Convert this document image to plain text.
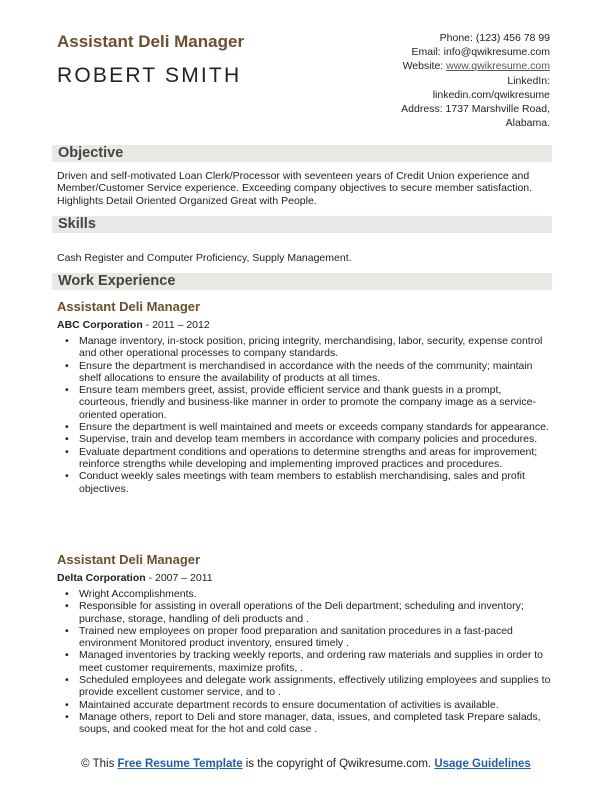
Assistant Deli Manager
ROBERT SMITH
Phone: (123) 456 78 99
Email: info@qwikresume.com
Website: www.qwikresume.com
LinkedIn:
linkedin.com/qwikresume
Address: 1737 Marshville Road,
Alabama.
Objective
Driven and self-motivated Loan Clerk/Processor with seventeen years of Credit Union experience and Member/Customer Service experience. Exceeding company objectives to secure member satisfaction. Highlights Detail Oriented Organized Great with People.
Skills
Cash Register and Computer Proficiency, Supply Management.
Work Experience
Assistant Deli Manager
ABC Corporation - 2011 – 2012
• Manage inventory, in-stock position, pricing integrity, merchandising, labor, security, expense control and other operational processes to company standards.
• Ensure the department is merchandised in accordance with the needs of the community; maintain shelf allocations to ensure the availability of products at all times.
• Ensure team members greet, assist, provide efficient service and thank guests in a prompt, courteous, friendly and business-like manner in order to promote the company image as a service-oriented operation.
• Ensure the department is well maintained and meets or exceeds company standards for appearance.
• Supervise, train and develop team members in accordance with company policies and procedures.
• Evaluate department conditions and operations to determine strengths and areas for improvement; reinforce strengths while developing and implementing improved practices and procedures.
• Conduct weekly sales meetings with team members to establish merchandising, sales and profit objectives.
Assistant Deli Manager
Delta Corporation - 2007 – 2011
• Wright Accomplishments.
• Responsible for assisting in overall operations of the Deli department; scheduling and inventory; purchase, storage, handling of deli products and .
• Trained new employees on proper food preparation and sanitation procedures in a fast-paced environment Monitored product inventory, ensured timely .
• Managed inventories by tracking weekly reports, and ordering raw materials and supplies in order to meet customer requirements, maximize profits, .
• Scheduled employees and delegate work assignments, effectively utilizing employees and supplies to provide excellent customer service, and to .
• Maintained accurate department records to ensure documentation of activities is available.
• Manage others, report to Deli and store manager, data, issues, and completed task Prepare salads, soups, and cooked meat for the hot and cold case .
© This Free Resume Template is the copyright of Qwikresume.com. Usage Guidelines
